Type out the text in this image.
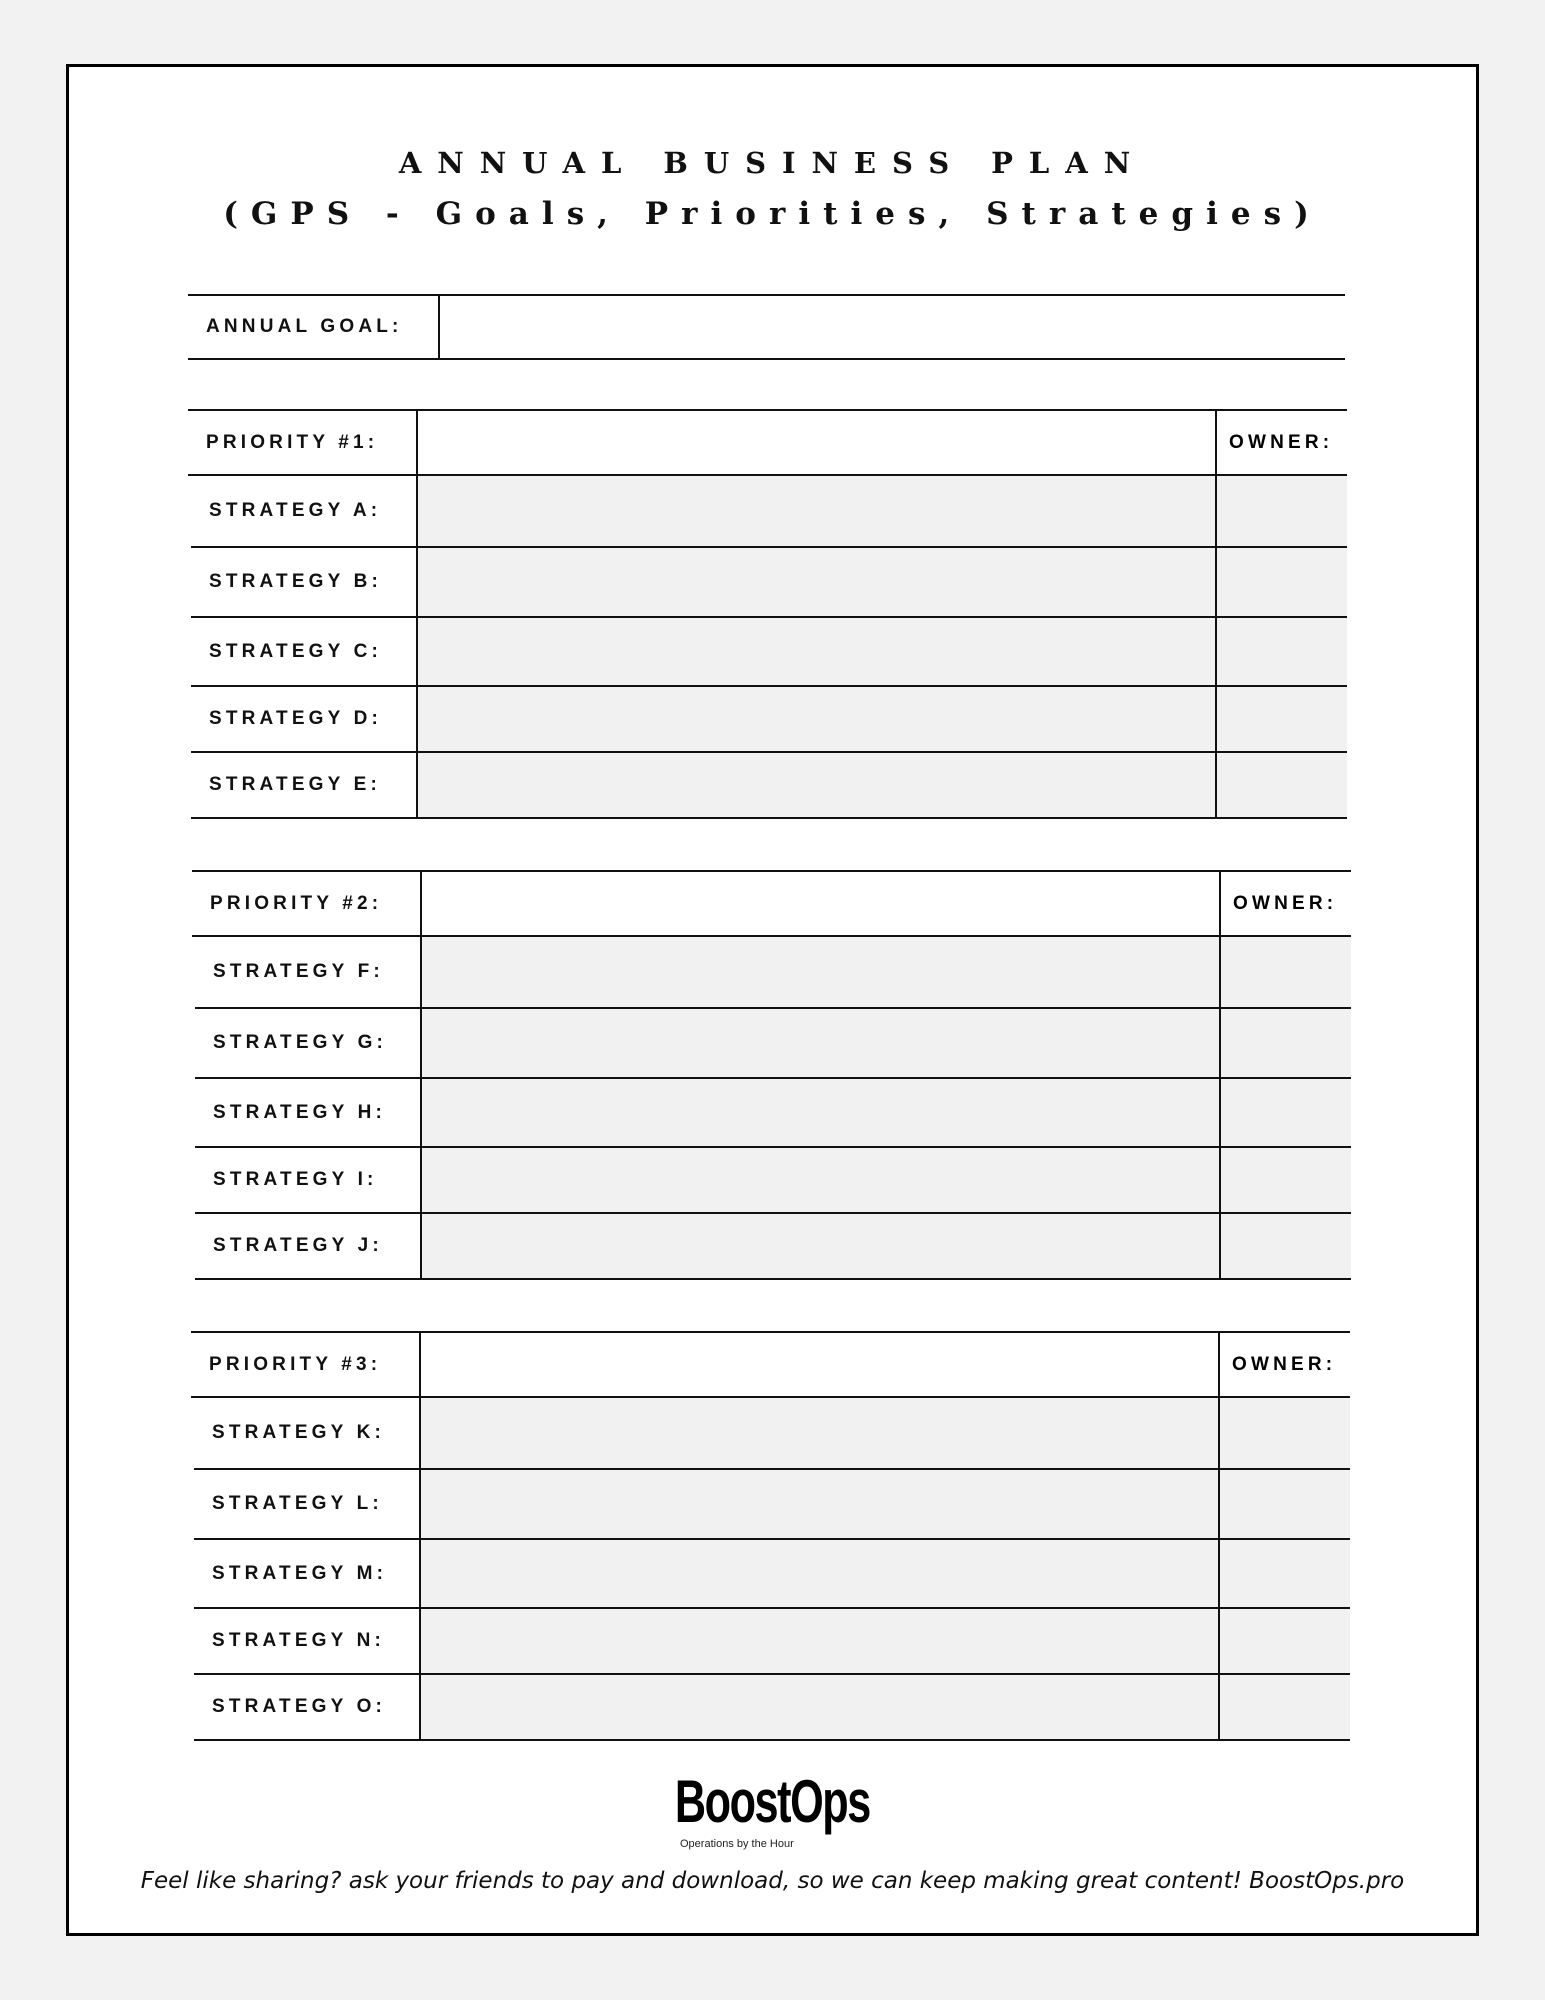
ANNUAL BUSINESS PLAN
(GPS - Goals, Priorities, Strategies)
ANNUAL GOAL:
PRIORITY #1:	OWNER:
STRATEGY A:
STRATEGY B:
STRATEGY C:
STRATEGY D:
STRATEGY E:
PRIORITY #2:	OWNER:
STRATEGY F:
STRATEGY G:
STRATEGY H:
STRATEGY I:
STRATEGY J:
PRIORITY #3:	OWNER:
STRATEGY K:
STRATEGY L:
STRATEGY M:
STRATEGY N:
STRATEGY O:
BoostOps
Operations by the Hour
Feel like sharing? ask your friends to pay and download, so we can keep making great content! BoostOps.pro
